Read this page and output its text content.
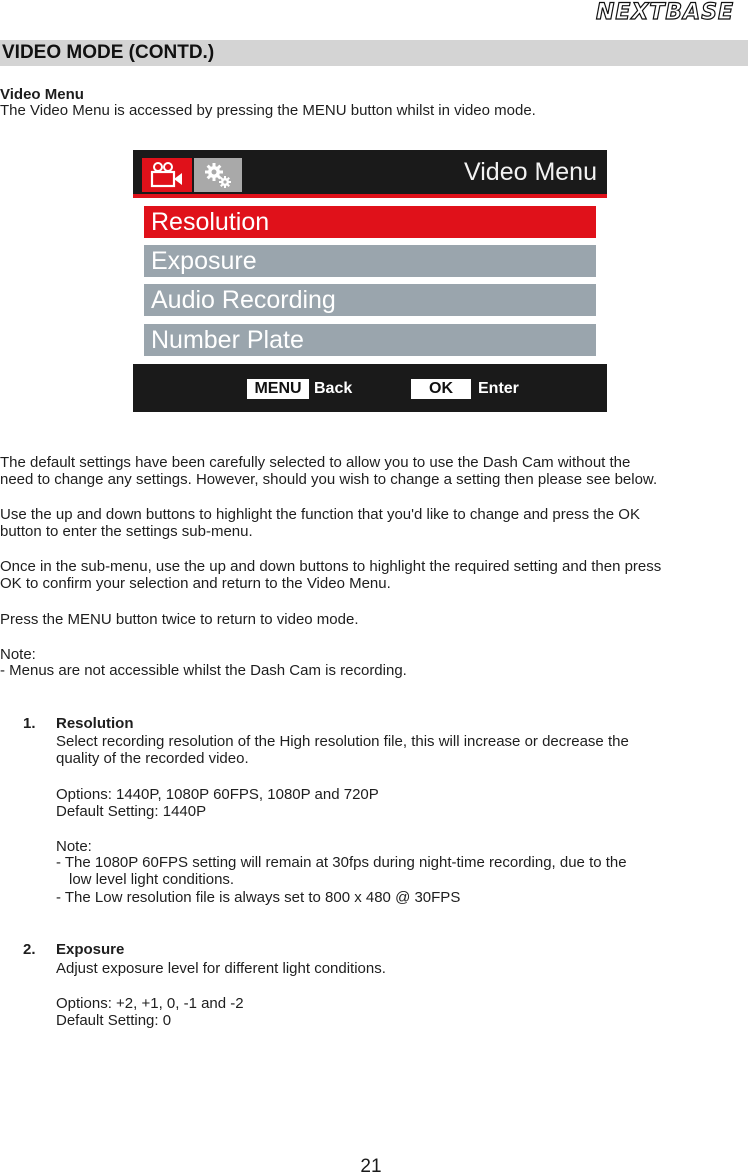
NEXTBASE
VIDEO MODE (CONTD.)
Video Menu
The Video Menu is accessed by pressing the MENU button whilst in video mode.
Video Menu
Resolution
Exposure
Audio Recording
Number Plate
MENU Back	OK	Enter
The default settings have been carefully selected to allow you to use the Dash Cam without the
need to change any settings. However, should you wish to change a setting then please see below.
Use the up and down buttons to highlight the function that you'd like to change and press the OK
button to enter the settings sub-menu.
Once in the sub-menu, use the up and down buttons to highlight the required setting and then press
OK to confirm your selection and return to the Video Menu.
Press the MENU button twice to return to video mode.
Note:
- Menus are not accessible whilst the Dash Cam is recording.
1. Resolution
Select recording resolution of the High resolution file, this will increase or decrease the
quality of the recorded video.
Options: 1440P, 1080P 60FPS, 1080P and 720P
Default Setting: 1440P
Note:
- The 1080P 60FPS setting will remain at 30fps during night-time recording, due to the
low level light conditions.
- The Low resolution file is always set to 800 x 480 @ 30FPS
2. Exposure
Adjust exposure level for different light conditions.
Options: +2, +1, 0, -1 and -2
Default Setting: 0
21
